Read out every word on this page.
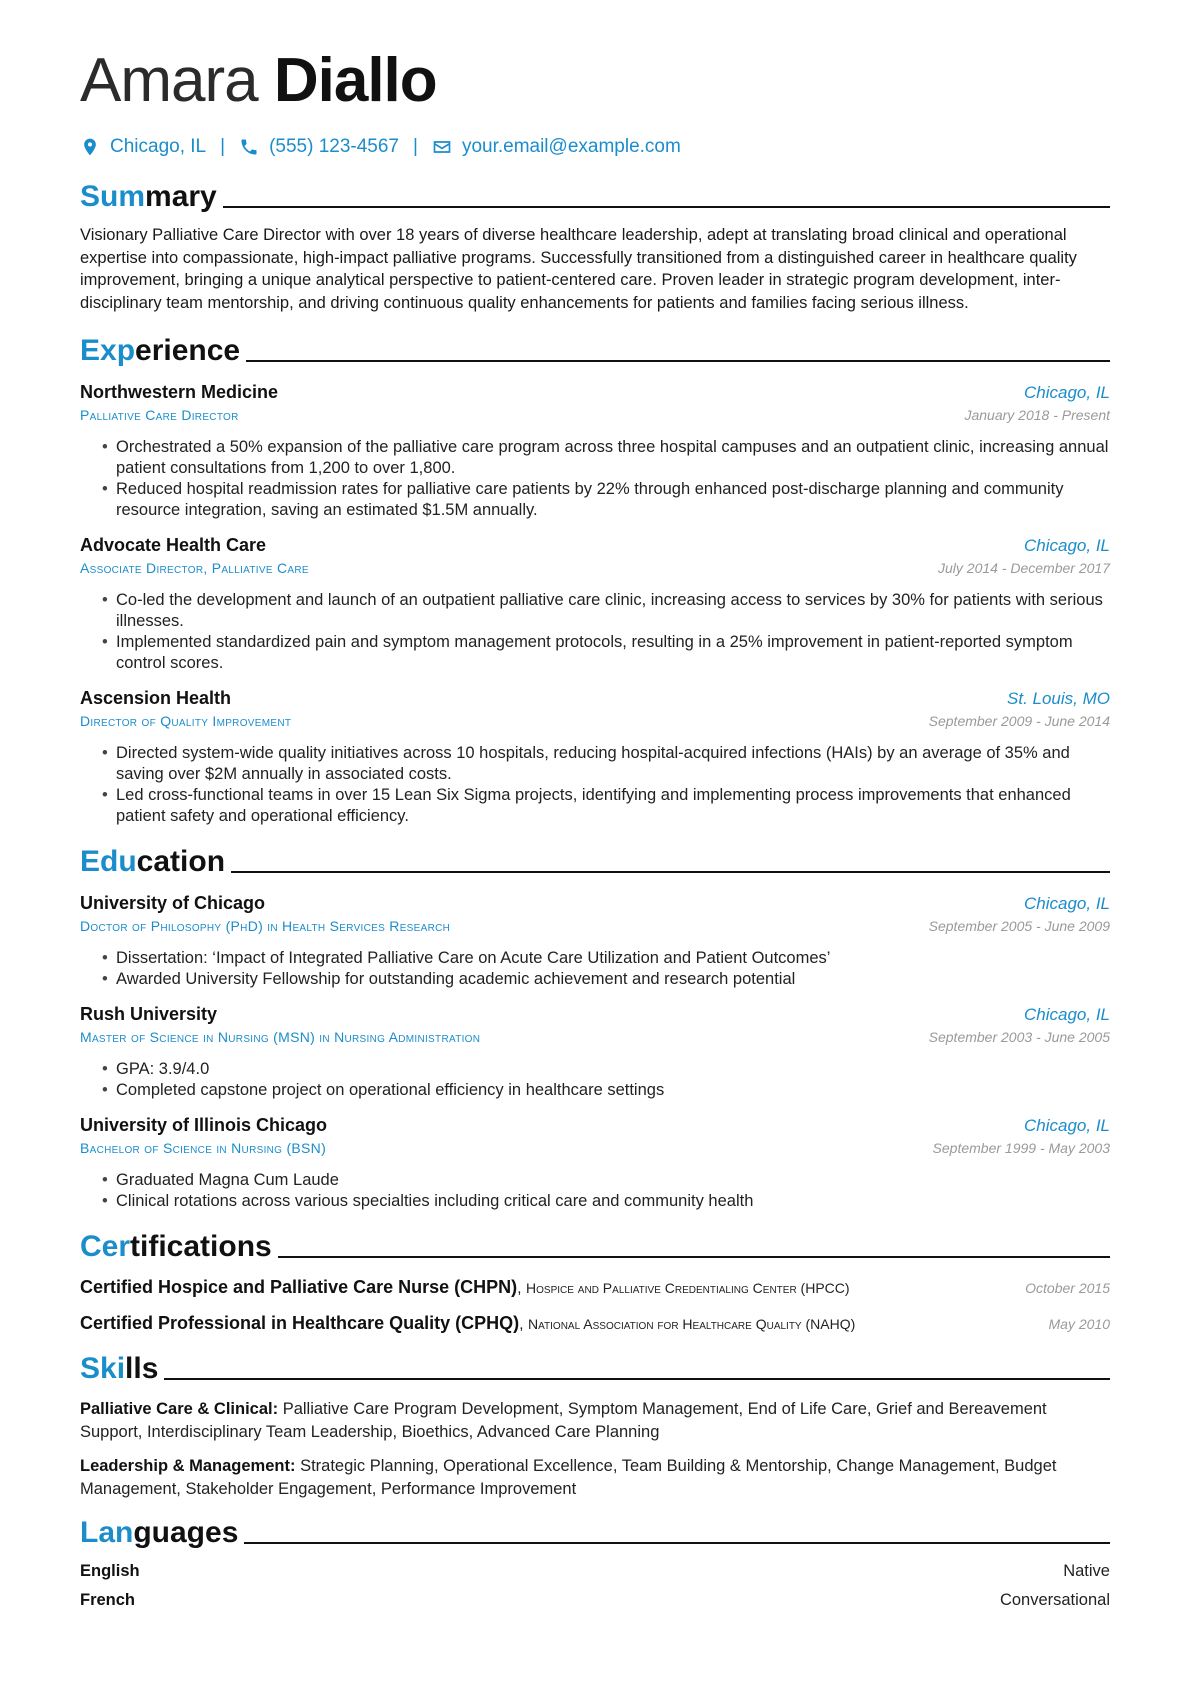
Amara Diallo
Chicago, IL | (555) 123-4567 | your.email@example.com
Summary
Visionary Palliative Care Director with over 18 years of diverse healthcare leadership, adept at translating broad clinical and operational expertise into compassionate, high-impact palliative programs. Successfully transitioned from a distinguished career in healthcare quality improvement, bringing a unique analytical perspective to patient-centered care. Proven leader in strategic program development, inter-disciplinary team mentorship, and driving continuous quality enhancements for patients and families facing serious illness.
Experience
Northwestern Medicine	Chicago, IL
Palliative Care Director	January 2018 - Present
• Orchestrated a 50% expansion of the palliative care program across three hospital campuses and an outpatient clinic, increasing annual patient consultations from 1,200 to over 1,800.
• Reduced hospital readmission rates for palliative care patients by 22% through enhanced post-discharge planning and community resource integration, saving an estimated $1.5M annually.
Advocate Health Care	Chicago, IL
Associate Director, Palliative Care	July 2014 - December 2017
• Co-led the development and launch of an outpatient palliative care clinic, increasing access to services by 30% for patients with serious illnesses.
• Implemented standardized pain and symptom management protocols, resulting in a 25% improvement in patient-reported symptom control scores.
Ascension Health	St. Louis, MO
Director of Quality Improvement	September 2009 - June 2014
• Directed system-wide quality initiatives across 10 hospitals, reducing hospital-acquired infections (HAIs) by an average of 35% and saving over $2M annually in associated costs.
• Led cross-functional teams in over 15 Lean Six Sigma projects, identifying and implementing process improvements that enhanced patient safety and operational efficiency.
Education
University of Chicago	Chicago, IL
Doctor of Philosophy (PhD) in Health Services Research	September 2005 - June 2009
• Dissertation: ‘Impact of Integrated Palliative Care on Acute Care Utilization and Patient Outcomes’
• Awarded University Fellowship for outstanding academic achievement and research potential
Rush University	Chicago, IL
Master of Science in Nursing (MSN) in Nursing Administration	September 2003 - June 2005
• GPA: 3.9/4.0
• Completed capstone project on operational efficiency in healthcare settings
University of Illinois Chicago	Chicago, IL
Bachelor of Science in Nursing (BSN)	September 1999 - May 2003
• Graduated Magna Cum Laude
• Clinical rotations across various specialties including critical care and community health
Certifications
Certified Hospice and Palliative Care Nurse (CHPN), Hospice and Palliative Credentialing Center (HPCC)	October 2015
Certified Professional in Healthcare Quality (CPHQ), National Association for Healthcare Quality (NAHQ)	May 2010
Skills
Palliative Care & Clinical: Palliative Care Program Development, Symptom Management, End of Life Care, Grief and Bereavement Support, Interdisciplinary Team Leadership, Bioethics, Advanced Care Planning
Leadership & Management: Strategic Planning, Operational Excellence, Team Building & Mentorship, Change Management, Budget Management, Stakeholder Engagement, Performance Improvement
Languages
English	Native
French	Conversational
